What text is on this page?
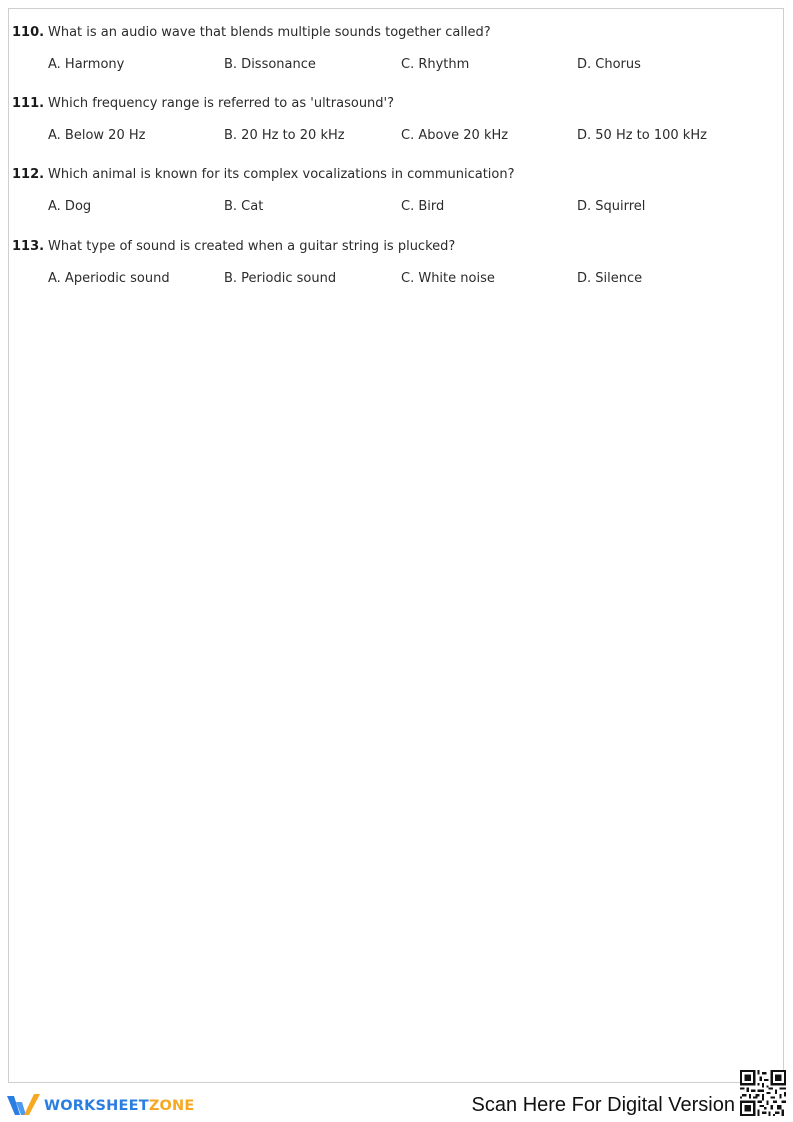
110. What is an audio wave that blends multiple sounds together called?
A. Harmony	B. Dissonance	C. Rhythm	D. Chorus
111. Which frequency range is referred to as 'ultrasound'?
A. Below 20 Hz	B. 20 Hz to 20 kHz	C. Above 20 kHz	D. 50 Hz to 100 kHz
112. Which animal is known for its complex vocalizations in communication?
A. Dog	B. Cat	C. Bird	D. Squirrel
113. What type of sound is created when a guitar string is plucked?
A. Aperiodic sound	B. Periodic sound	C. White noise	D. Silence
WORKSHEETZONE	Scan Here For Digital Version
